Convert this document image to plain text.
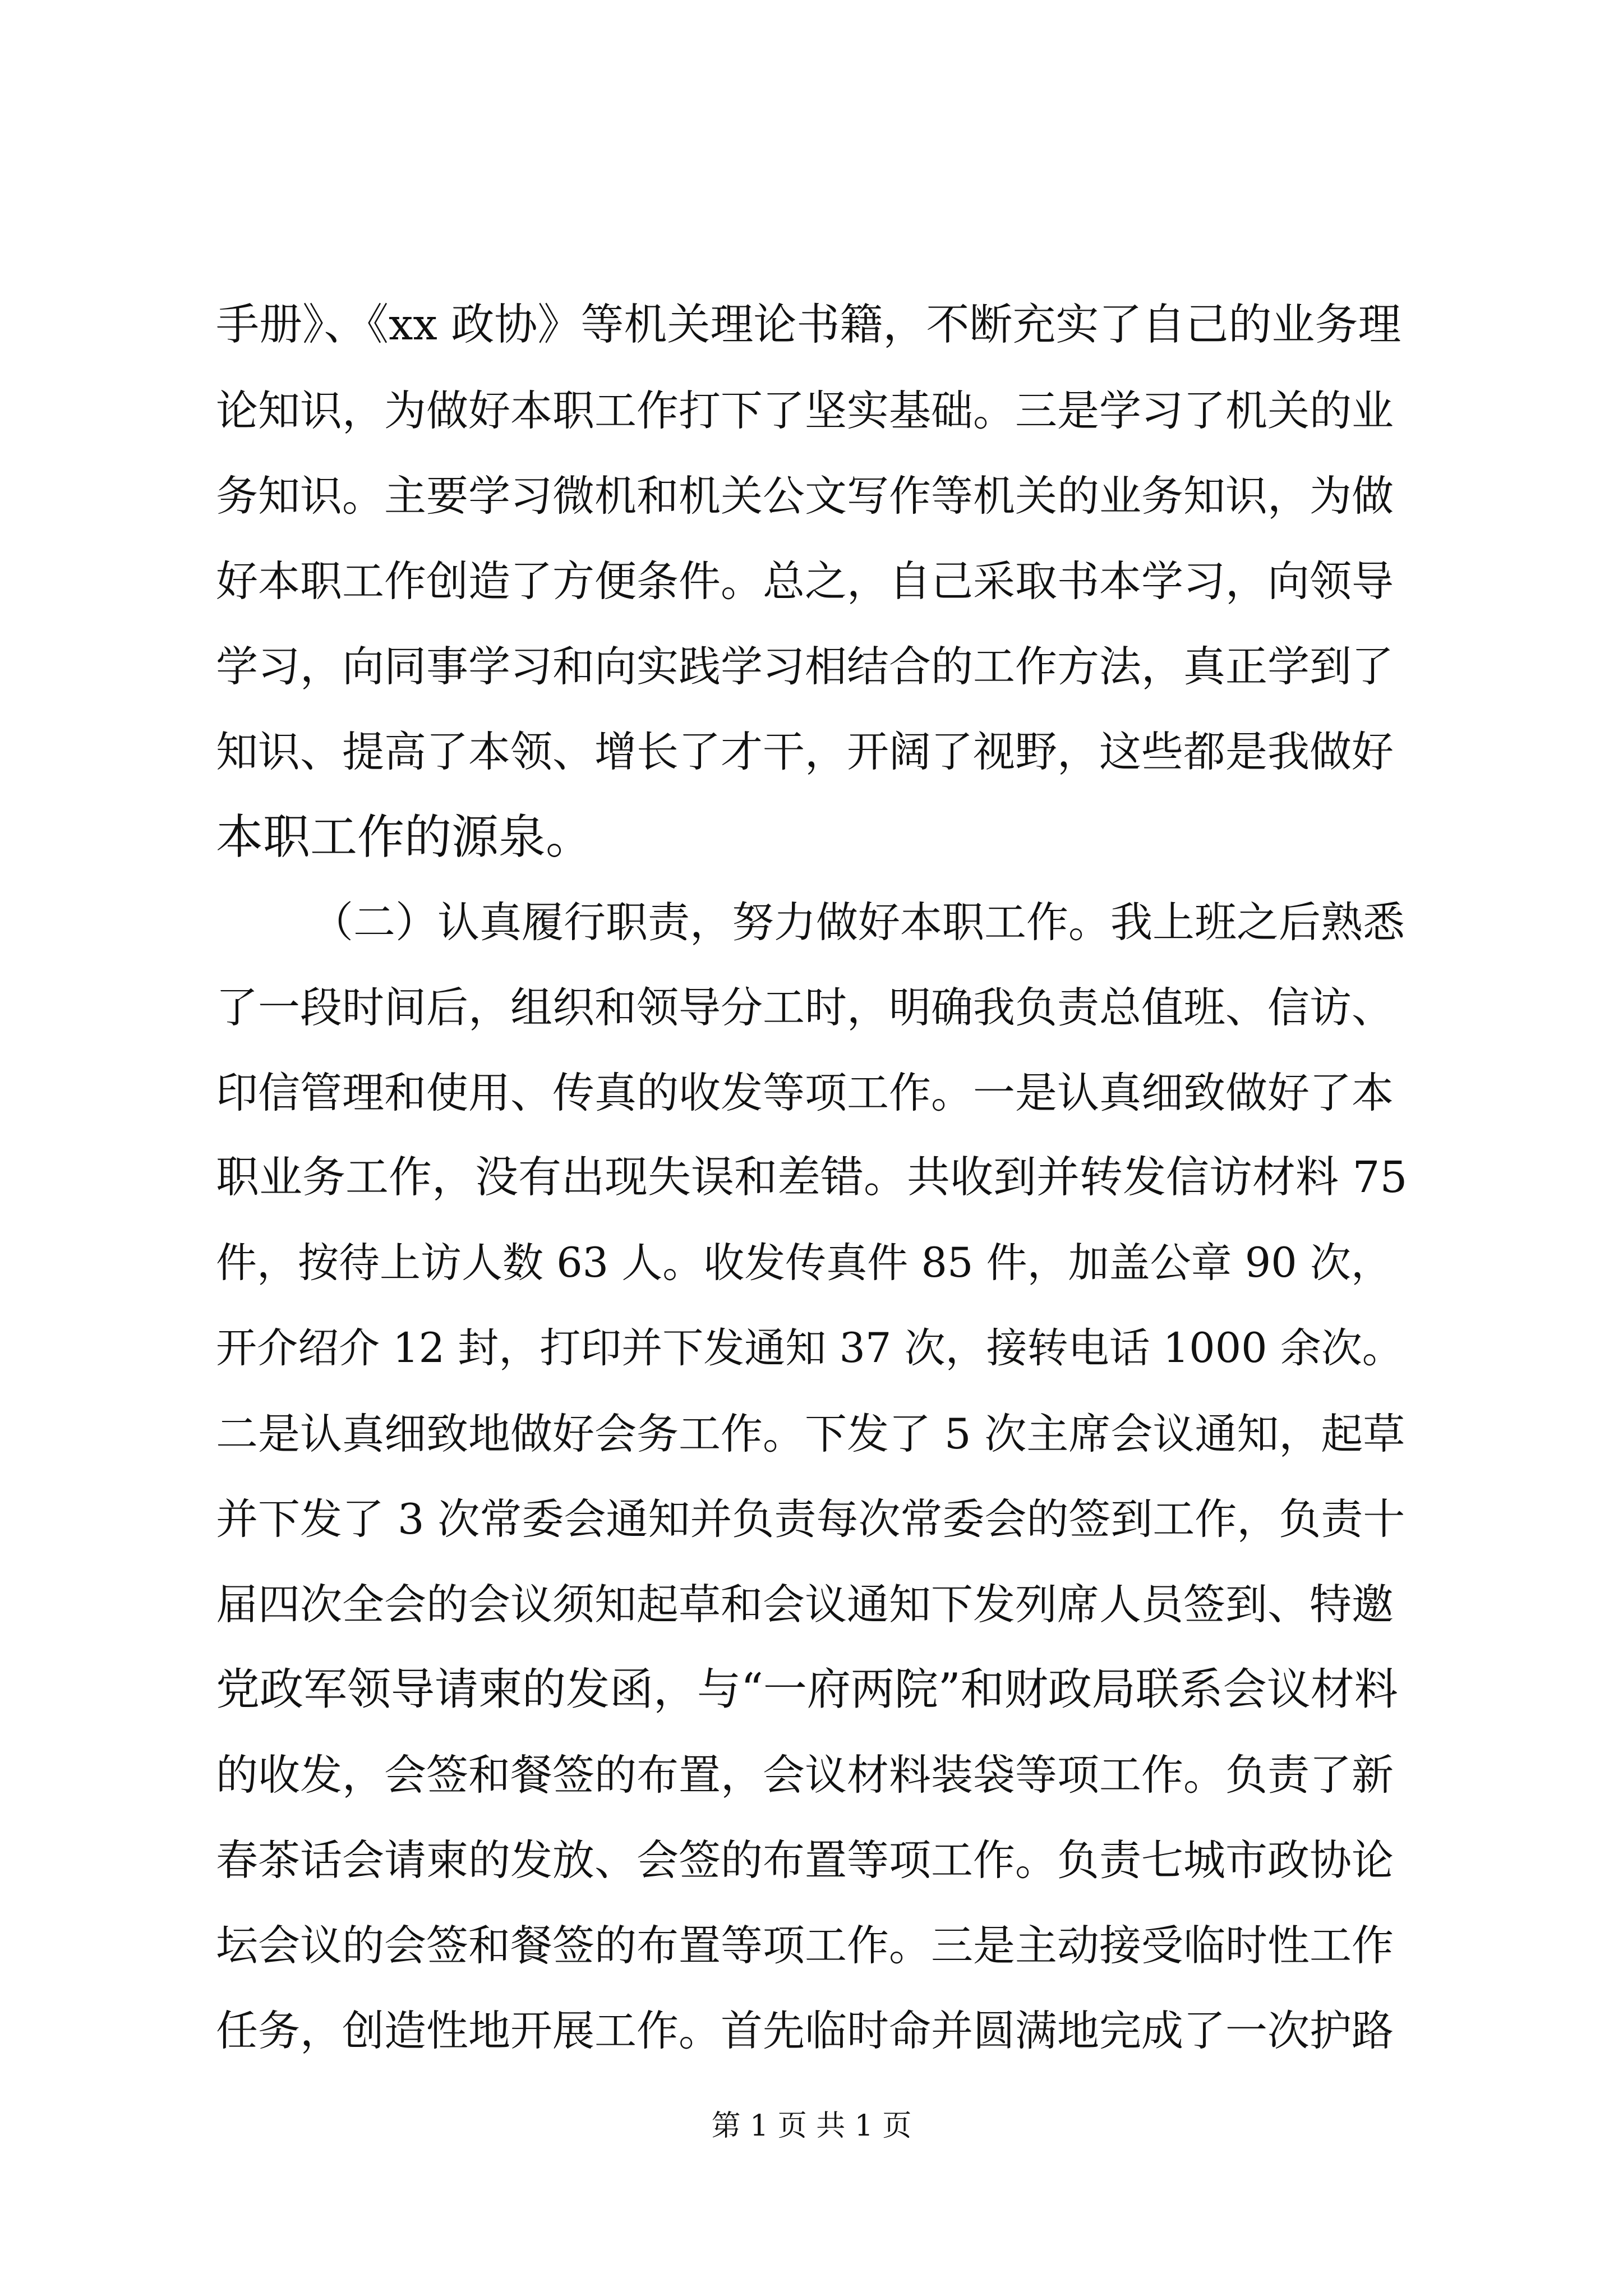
手册》、《xx 政协》等机关理论书籍，不断充实了自己的业务理
论知识，为做好本职工作打下了坚实基础。三是学习了机关的业
务知识。主要学习微机和机关公文写作等机关的业务知识，为做
好本职工作创造了方便条件。总之，自己采取书本学习，向领导
学习，向同事学习和向实践学习相结合的工作方法，真正学到了
知识、提高了本领、增长了才干，开阔了视野，这些都是我做好
本职工作的源泉。
（二）认真履行职责，努力做好本职工作。我上班之后熟悉
了一段时间后，组织和领导分工时，明确我负责总值班、信访、
印信管理和使用、传真的收发等项工作。一是认真细致做好了本
职业务工作，没有出现失误和差错。共收到并转发信访材料 75
件，按待上访人数 63 人。收发传真件 85 件，加盖公章 90 次，
开介绍介 12 封，打印并下发通知 37 次，接转电话 1000 余次。
二是认真细致地做好会务工作。下发了 5 次主席会议通知，起草
并下发了 3 次常委会通知并负责每次常委会的签到工作，负责十
届四次全会的会议须知起草和会议通知下发列席人员签到、特邀
党政军领导请柬的发函，与“一府两院”和财政局联系会议材料
的收发，会签和餐签的布置，会议材料装袋等项工作。负责了新
春茶话会请柬的发放、会签的布置等项工作。负责七城市政协论
坛会议的会签和餐签的布置等项工作。三是主动接受临时性工作
任务，创造性地开展工作。首先临时命并圆满地完成了一次护路
第 1 页 共 1 页
